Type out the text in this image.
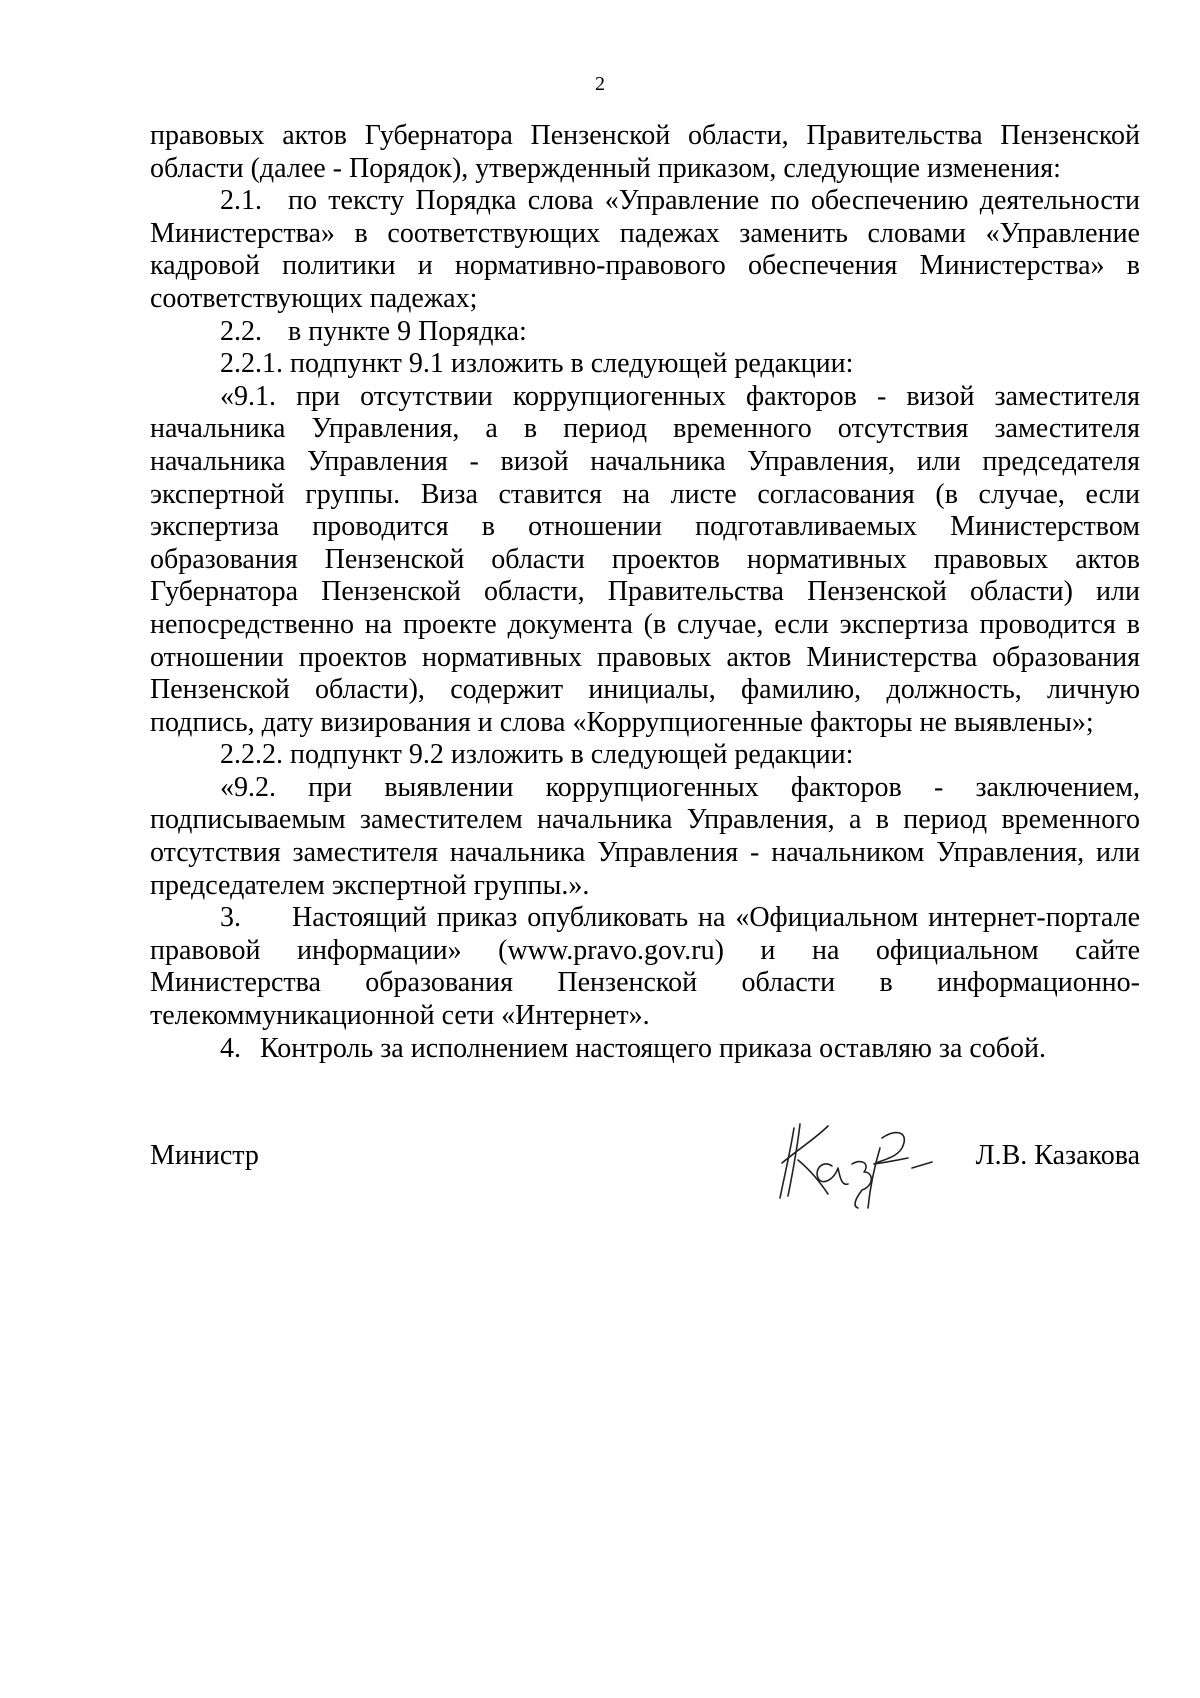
2

правовых актов Губернатора Пензенской области, Правительства Пензенской области (далее - Порядок), утвержденный приказом, следующие изменения:

2.1. по тексту Порядка слова «Управление по обеспечению деятельности Министерства» в соответствующих падежах заменить словами «Управление кадровой политики и нормативно-правового обеспечения Министерства» в соответствующих падежах;

2.2. в пункте 9 Порядка:

2.2.1. подпункт 9.1 изложить в следующей редакции:

«9.1. при отсутствии коррупциогенных факторов - визой заместителя начальника Управления, а в период временного отсутствия заместителя начальника Управления - визой начальника Управления, или председателя экспертной группы. Виза ставится на листе согласования (в случае, если экспертиза проводится в отношении подготавливаемых Министерством образования Пензенской области проектов нормативных правовых актов Губернатора Пензенской области, Правительства Пензенской области) или непосредственно на проекте документа (в случае, если экспертиза проводится в отношении проектов нормативных правовых актов Министерства образования Пензенской области), содержит инициалы, фамилию, должность, личную подпись, дату визирования и слова «Коррупциогенные факторы не выявлены»;

2.2.2. подпункт 9.2 изложить в следующей редакции:

«9.2. при выявлении коррупциогенных факторов - заключением, подписываемым заместителем начальника Управления, а в период временного отсутствия заместителя начальника Управления - начальником Управления, или председателем экспертной группы.».

3. Настоящий приказ опубликовать на «Официальном интернет-портале правовой информации» (www.pravo.gov.ru) и на официальном сайте Министерства образования Пензенской области в информационно-телекоммуникационной сети «Интернет».

4. Контроль за исполнением настоящего приказа оставляю за собой.

Министр	Л.В. Казакова
